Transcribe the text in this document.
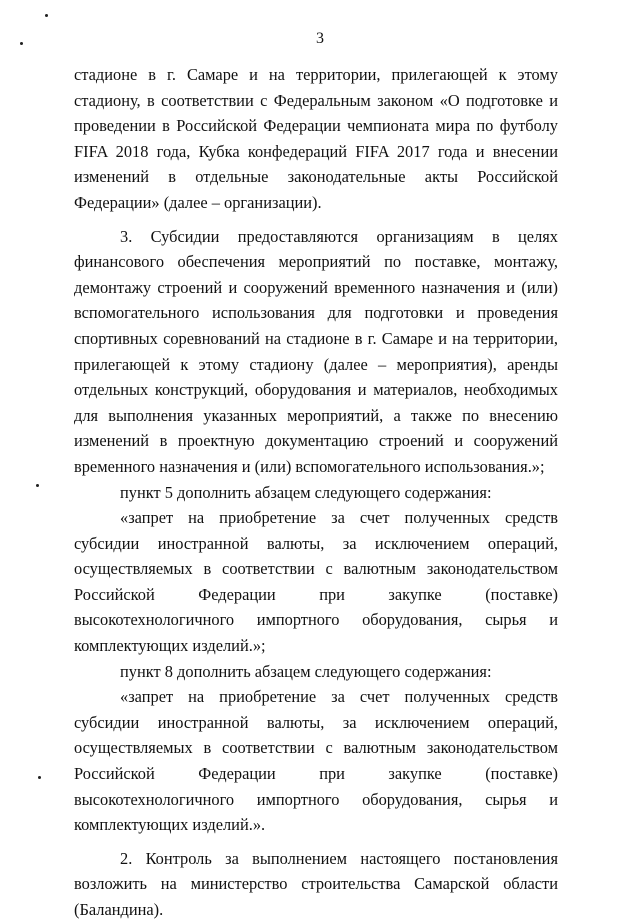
3

стадионе в г. Самаре и на территории, прилегающей к этому стадиону, в соответствии с Федеральным законом «О подготовке и проведении в Российской Федерации чемпионата мира по футболу FIFA 2018 года, Кубка конфедераций FIFA 2017 года и внесении изменений в отдельные законодательные акты Российской Федерации» (далее – организации).

3. Субсидии предоставляются организациям в целях финансового обеспечения мероприятий по поставке, монтажу, демонтажу строений и сооружений временного назначения и (или) вспомогательного использования для подготовки и проведения спортивных соревнований на стадионе в г. Самаре и на территории, прилегающей к этому стадиону (далее – мероприятия), аренды отдельных конструкций, оборудования и материалов, необходимых для выполнения указанных мероприятий, а также по внесению изменений в проектную документацию строений и сооружений временного назначения и (или) вспомогательного использования.»;

пункт 5 дополнить абзацем следующего содержания:

«запрет на приобретение за счет полученных средств субсидии иностранной валюты, за исключением операций, осуществляемых в соответствии с валютным законодательством Российской Федерации при закупке (поставке) высокотехнологичного импортного оборудования, сырья и комплектующих изделий.»;

пункт 8 дополнить абзацем следующего содержания:

«запрет на приобретение за счет полученных средств субсидии иностранной валюты, за исключением операций, осуществляемых в соответствии с валютным законодательством Российской Федерации при закупке (поставке) высокотехнологичного импортного оборудования, сырья и комплектующих изделий.».

2. Контроль за выполнением настоящего постановления возложить на министерство строительства Самарской области (Баландина).
